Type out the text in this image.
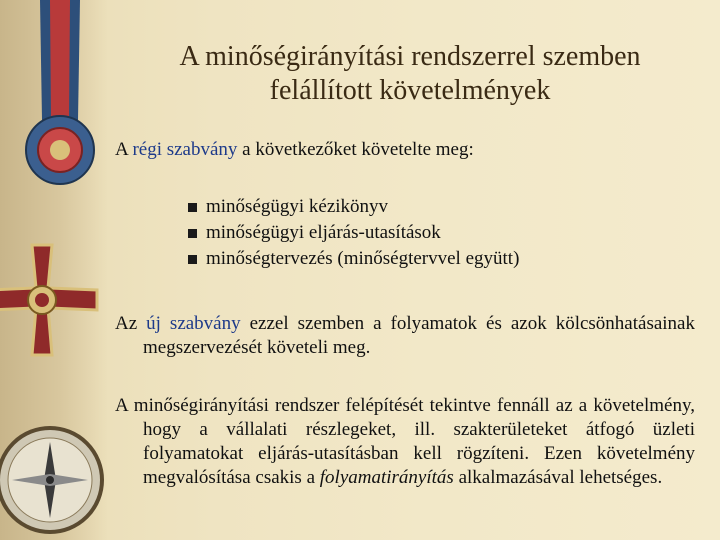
A minőségirányítási rendszerrel szemben
felállított követelmények
A régi szabvány a következőket követelte meg:
minőségügyi kézikönyv
minőségügyi eljárás-utasítások
minőségtervezés (minőségtervvel együtt)
Az új szabvány ezzel szemben a folyamatok és azok kölcsönhatásainak megszervezését követeli meg.
A minőségirányítási rendszer felépítését tekintve fennáll az a követelmény, hogy a vállalati részlegeket, ill. szakterületeket átfogó üzleti folyamatokat eljárás-utasításban kell rögzíteni. Ezen követelmény megvalósítása csakis a folyamatirányítás alkalmazásával lehetséges.
